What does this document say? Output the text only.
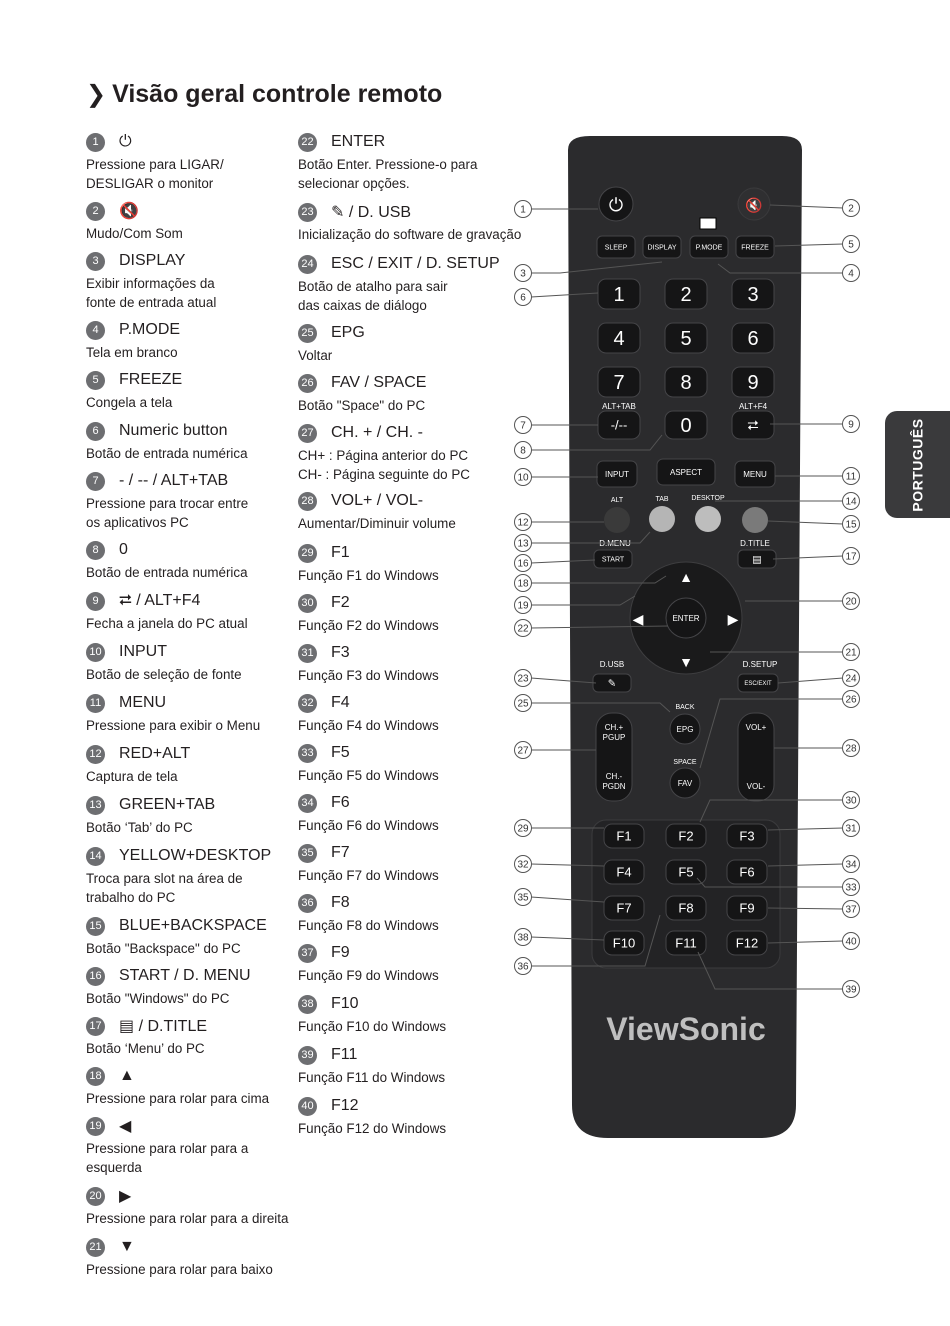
❯ Visão geral controle remoto
PORTUGUÊS
⏻	🔇
SLEEP	DISPLAY	P.MODE	FREEZE
1	2	3
4	5	6
7	8	9
ALT+TAB	ALT+F4
-/--	0	⮂
INPUT	ASPECT	MENU
ALT	TAB	DESKTOP
D.MENU
START
D.TITLE
▤
▲
▼
◀	▶
ENTER
D.USB
✎
D.SETUP
ESC/EXIT
CH.+
PGUP
CH.-
PGDN
BACK
EPG
SPACE
FAV
VOL+
VOL-
F1	F2	F3
F4	F5	F6
F7	F8	F9
F10	F11	F12
ViewSonic
1
3
6
7
8
10
12
13
16
18
19
22
23
25
27
29
32
35
38
36
2
5
4
9
11
14
15
17
20
21
24
26
28
30
31
34
33
37
40
39
1	⏻
Pressione para LIGAR/
DESLIGAR o monitor
2	🔇
Mudo/Com Som
3	DISPLAY
Exibir informações da
fonte de entrada atual
4	P.MODE
Tela em branco
5	FREEZE
Congela a tela
6	Numeric button
Botão de entrada numérica
7	- / -- / ALT+TAB
Pressione para trocar entre
os aplicativos PC
8	0
Botão de entrada numérica
9	⮂ / ALT+F4
Fecha a janela do PC atual
10 INPUT
Botão de seleção de fonte
11 MENU
Pressione para exibir o Menu
12 RED+ALT
Captura de tela
13 GREEN+TAB
Botão ‘Tab’ do PC
14 YELLOW+DESKTOP
Troca para slot na área de
trabalho do PC
15 BLUE+BACKSPACE
Botão "Backspace" do PC
16 START / D. MENU
Botão "Windows" do PC
17 ▤ / D.TITLE
Botão ‘Menu’ do PC
18 ▲
Pressione para rolar para cima
19 ◀
Pressione para rolar para a
esquerda
20 ▶
Pressione para rolar para a direita
21 ▼
Pressione para rolar para baixo
22 ENTER
Botão Enter. Pressione-o para
selecionar opções.
23 ✎ / D. USB
Inicialização do software de gravação
24 ESC / EXIT / D. SETUP
Botão de atalho para sair
das caixas de diálogo
25 EPG
Voltar
26 FAV / SPACE
Botão "Space" do PC
27 CH. + / CH. -
CH+ : Página anterior do PC
CH- : Página seguinte do PC
28 VOL+ / VOL-
Aumentar/Diminuir volume
29 F1
Função F1 do Windows
30 F2
Função F2 do Windows
31 F3
Função F3 do Windows
32 F4
Função F4 do Windows
33 F5
Função F5 do Windows
34 F6
Função F6 do Windows
35 F7
Função F7 do Windows
36 F8
Função F8 do Windows
37 F9
Função F9 do Windows
38 F10
Função F10 do Windows
39 F11
Função F11 do Windows
40 F12
Função F12 do Windows
